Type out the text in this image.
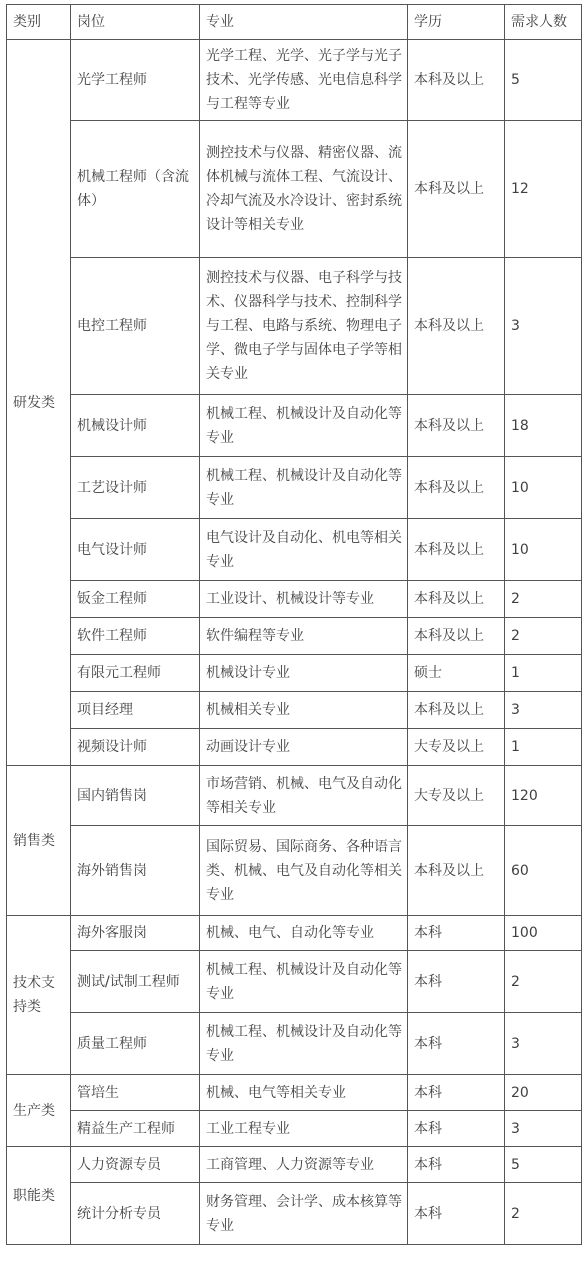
类别	岗位	专业	学历	需求人数
研发类	光学工程师	光学工程、光学、光子学与光子技术、光学传感、光电信息科学与工程等专业	本科及以上	5
	机械工程师（含流体）	测控技术与仪器、精密仪器、流体机械与流体工程、气流设计、冷却气流及水冷设计、密封系统设计等相关专业	本科及以上	12
	电控工程师	测控技术与仪器、电子科学与技术、仪器科学与技术、控制科学与工程、电路与系统、物理电子学、微电子学与固体电子学等相关专业	本科及以上	3
	机械设计师	机械工程、机械设计及自动化等专业	本科及以上	18
	工艺设计师	机械工程、机械设计及自动化等专业	本科及以上	10
	电气设计师	电气设计及自动化、机电等相关专业	本科及以上	10
	钣金工程师	工业设计、机械设计等专业	本科及以上	2
	软件工程师	软件编程等专业	本科及以上	2
	有限元工程师	机械设计专业	硕士	1
	项目经理	机械相关专业	本科及以上	3
	视频设计师	动画设计专业	大专及以上	1
销售类	国内销售岗	市场营销、机械、电气及自动化等相关专业	大专及以上	120
	海外销售岗	国际贸易、国际商务、各种语言类、机械、电气及自动化等相关专业	本科及以上	60
技术支持类	海外客服岗	机械、电气、自动化等专业	本科	100
	测试/试制工程师	机械工程、机械设计及自动化等专业	本科	2
	质量工程师	机械工程、机械设计及自动化等专业	本科	3
生产类	管培生	机械、电气等相关专业	本科	20
	精益生产工程师	工业工程专业	本科	3
职能类	人力资源专员	工商管理、人力资源等专业	本科	5
	统计分析专员	财务管理、会计学、成本核算等专业	本科	2
